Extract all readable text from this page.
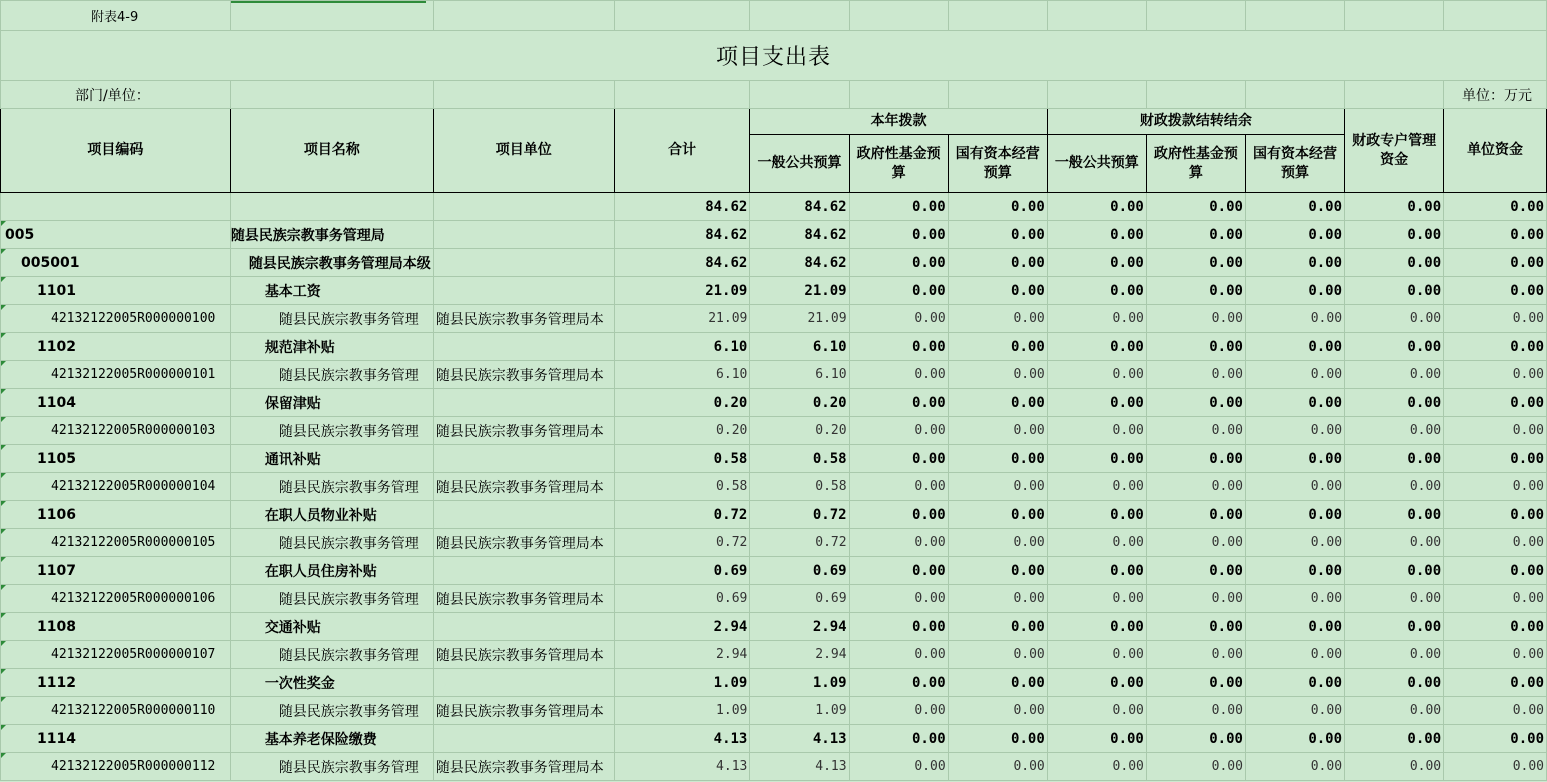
附表4-9											
项目支出表											
部门/单位：											单位：万元
项目编码	项目名称	项目单位	合计	本年拨款			财政拨款结转结余			财政专户管理资金	单位资金
				一般公共预算	政府性基金预算	国有资本经营预算	一般公共预算	政府性基金预算	国有资本经营预算		
			84.62	84.62	0.00	0.00	0.00	0.00	0.00	0.00	0.00
005	随县民族宗教事务管理局		84.62	84.62	0.00	0.00	0.00	0.00	0.00	0.00	0.00
005001	随县民族宗教事务管理局本级		84.62	84.62	0.00	0.00	0.00	0.00	0.00	0.00	0.00
1101	基本工资		21.09	21.09	0.00	0.00	0.00	0.00	0.00	0.00	0.00
42132122005R000000100	随县民族宗教事务管理	随县民族宗教事务管理局本	21.09	21.09	0.00	0.00	0.00	0.00	0.00	0.00	0.00
1102	规范津补贴		6.10	6.10	0.00	0.00	0.00	0.00	0.00	0.00	0.00
42132122005R000000101	随县民族宗教事务管理	随县民族宗教事务管理局本	6.10	6.10	0.00	0.00	0.00	0.00	0.00	0.00	0.00
1104	保留津贴		0.20	0.20	0.00	0.00	0.00	0.00	0.00	0.00	0.00
42132122005R000000103	随县民族宗教事务管理	随县民族宗教事务管理局本	0.20	0.20	0.00	0.00	0.00	0.00	0.00	0.00	0.00
1105	通讯补贴		0.58	0.58	0.00	0.00	0.00	0.00	0.00	0.00	0.00
42132122005R000000104	随县民族宗教事务管理	随县民族宗教事务管理局本	0.58	0.58	0.00	0.00	0.00	0.00	0.00	0.00	0.00
1106	在职人员物业补贴		0.72	0.72	0.00	0.00	0.00	0.00	0.00	0.00	0.00
42132122005R000000105	随县民族宗教事务管理	随县民族宗教事务管理局本	0.72	0.72	0.00	0.00	0.00	0.00	0.00	0.00	0.00
1107	在职人员住房补贴		0.69	0.69	0.00	0.00	0.00	0.00	0.00	0.00	0.00
42132122005R000000106	随县民族宗教事务管理	随县民族宗教事务管理局本	0.69	0.69	0.00	0.00	0.00	0.00	0.00	0.00	0.00
1108	交通补贴		2.94	2.94	0.00	0.00	0.00	0.00	0.00	0.00	0.00
42132122005R000000107	随县民族宗教事务管理	随县民族宗教事务管理局本	2.94	2.94	0.00	0.00	0.00	0.00	0.00	0.00	0.00
1112	一次性奖金		1.09	1.09	0.00	0.00	0.00	0.00	0.00	0.00	0.00
42132122005R000000110	随县民族宗教事务管理	随县民族宗教事务管理局本	1.09	1.09	0.00	0.00	0.00	0.00	0.00	0.00	0.00
1114	基本养老保险缴费		4.13	4.13	0.00	0.00	0.00	0.00	0.00	0.00	0.00
42132122005R000000112	随县民族宗教事务管理	随县民族宗教事务管理局本	4.13	4.13	0.00	0.00	0.00	0.00	0.00	0.00	0.00
